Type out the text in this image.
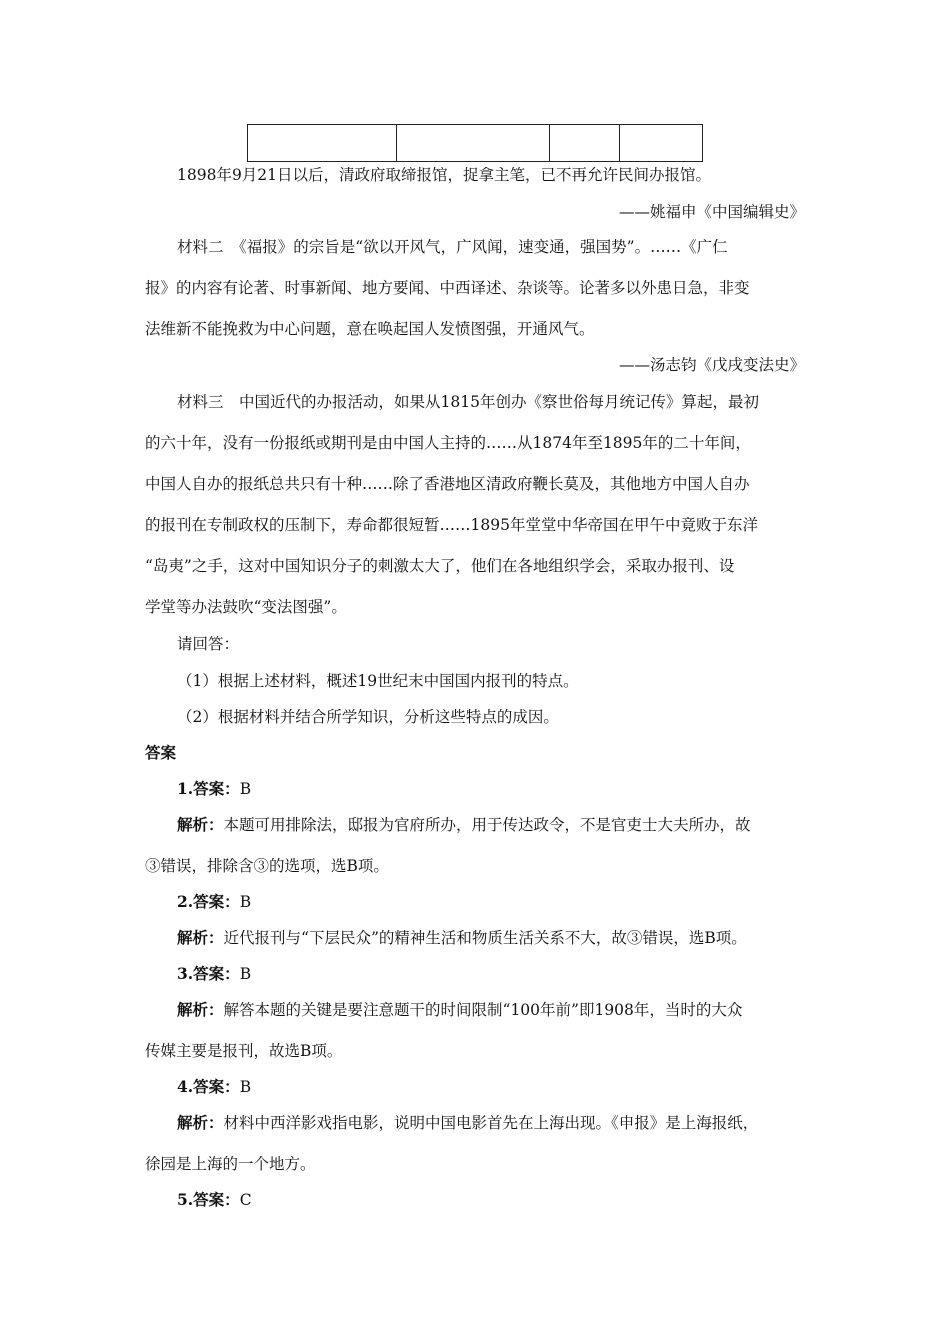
1898年9月21日以后，清政府取缔报馆，捉拿主笔，已不再允许民间办报馆。

——姚福申《中国编辑史》

材料二　《福报》的宗旨是“欲以开风气，广风闻，速变通，强国势”。……《广仁

报》的内容有论著、时事新闻、地方要闻、中西译述、杂谈等。论著多以外患日急，非变

法维新不能挽救为中心问题，意在唤起国人发愤图强，开通风气。

——汤志钧《戊戌变法史》

材料三　中国近代的办报活动，如果从1815年创办《察世俗每月统记传》算起，最初

的六十年，没有一份报纸或期刊是由中国人主持的……从1874年至1895年的二十年间，

中国人自办的报纸总共只有十种……除了香港地区清政府鞭长莫及，其他地方中国人自办

的报刊在专制政权的压制下，寿命都很短暂……1895年堂堂中华帝国在甲午中竟败于东洋

“岛夷”之手，这对中国知识分子的刺激太大了，他们在各地组织学会，采取办报刊、设

学堂等办法鼓吹“变法图强”。

请回答：

（1）根据上述材料，概述19世纪末中国国内报刊的特点。

（2）根据材料并结合所学知识，分析这些特点的成因。

答案

1.答案：B

解析：本题可用排除法，邸报为官府所办，用于传达政令，不是官吏士大夫所办，故

③错误，排除含③的选项，选B项。

2.答案：B

解析：近代报刊与“下层民众”的精神生活和物质生活关系不大，故③错误，选B项。

3.答案：B

解析：解答本题的关键是要注意题干的时间限制“100年前”即1908年，当时的大众

传媒主要是报刊，故选B项。

4.答案：B

解析：材料中西洋影戏指电影，说明中国电影首先在上海出现。《申报》是上海报纸，

徐园是上海的一个地方。

5.答案：C
